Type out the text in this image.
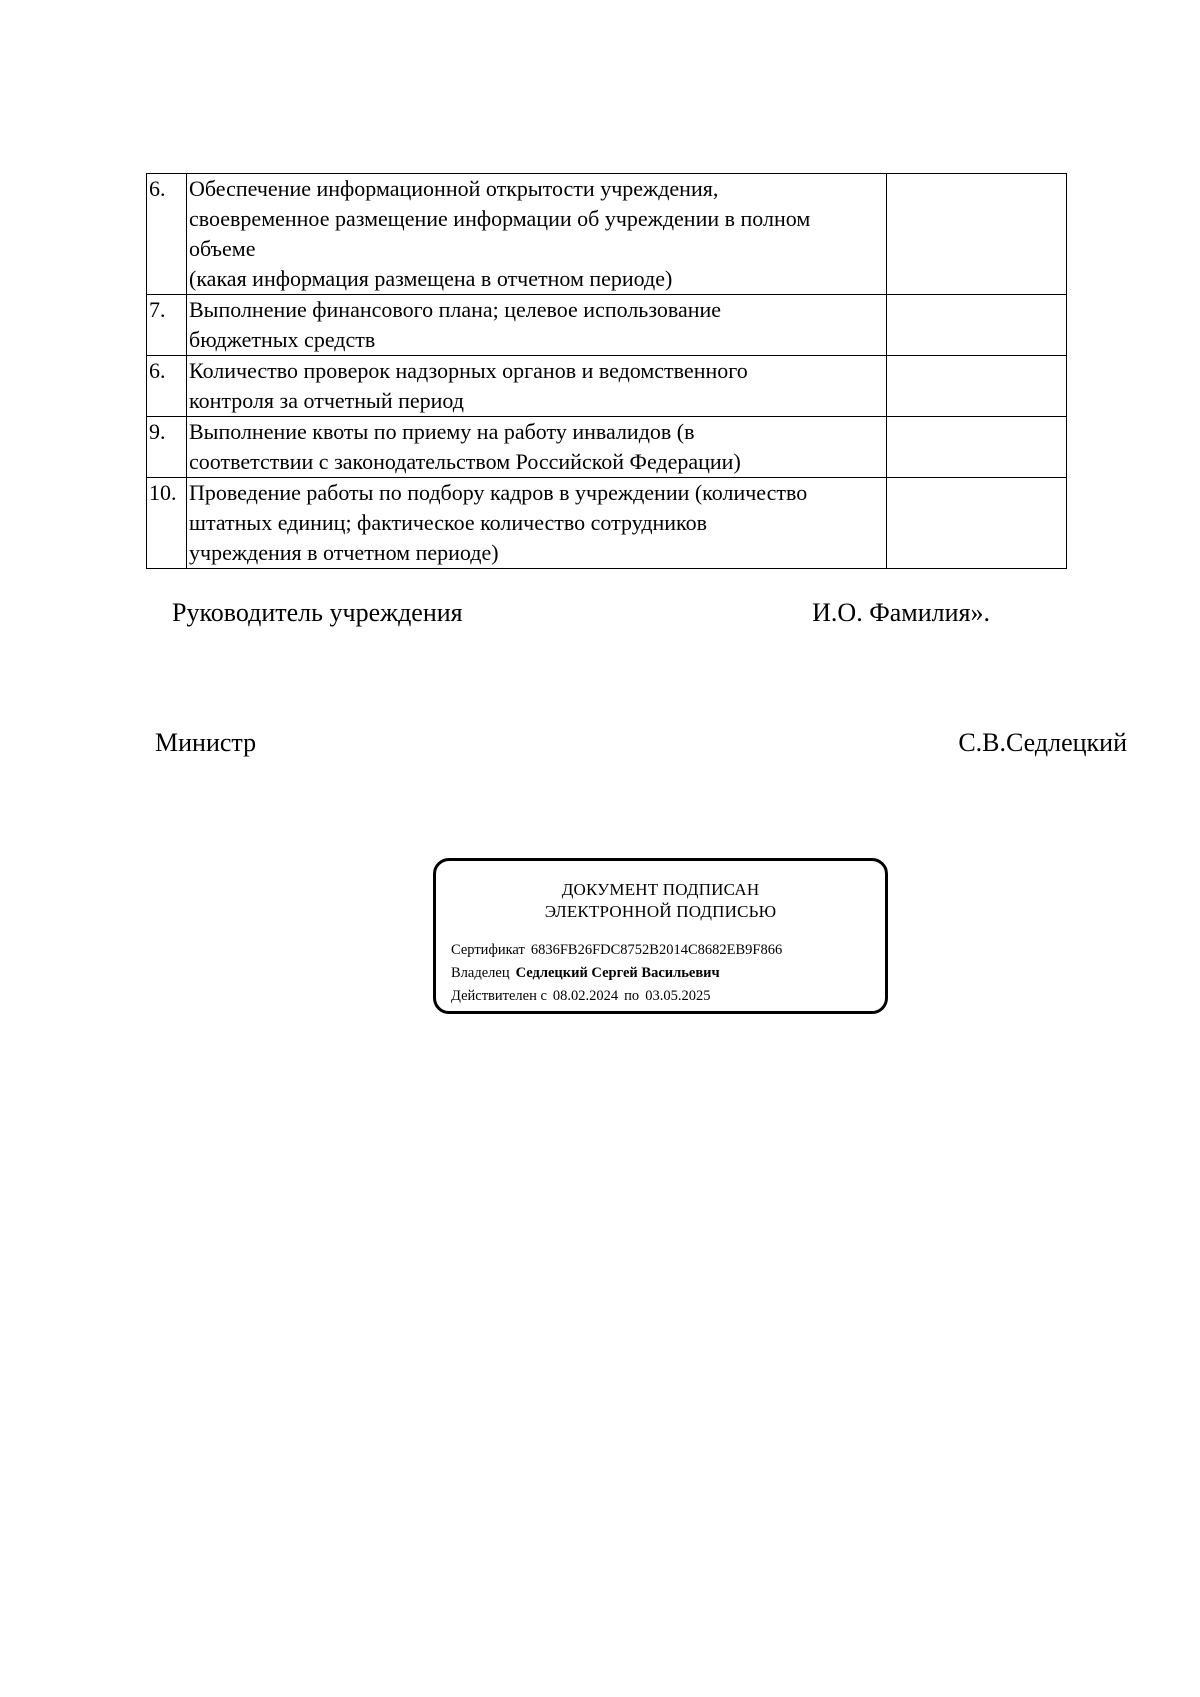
6.	Обеспечение информационной открытости учреждения,
своевременное размещение информации об учреждении в полном
объеме
(какая информация размещена в отчетном периоде)	

7.	Выполнение финансового плана; целевое использование
бюджетных средств	

6.	Количество проверок надзорных органов и ведомственного
контроля за отчетный период	

9.	Выполнение квоты по приему на работу инвалидов (в
соответствии с законодательством Российской Федерации)	

10.	Проведение работы по подбору кадров в учреждении (количество
штатных единиц; фактическое количество сотрудников
учреждения в отчетном периоде)	

Руководитель учреждения	И.О. Фамилия».
Министр	С.В.Седлецкий
ДОКУМЕНТ ПОДПИСАН
ЭЛЕКТРОННОЙ ПОДПИСЬЮ
Сертификат 6836FB26FDC8752B2014C8682EB9F866
Владелец Седлецкий Сергей Васильевич
Действителен с 08.02.2024 по 03.05.2025
